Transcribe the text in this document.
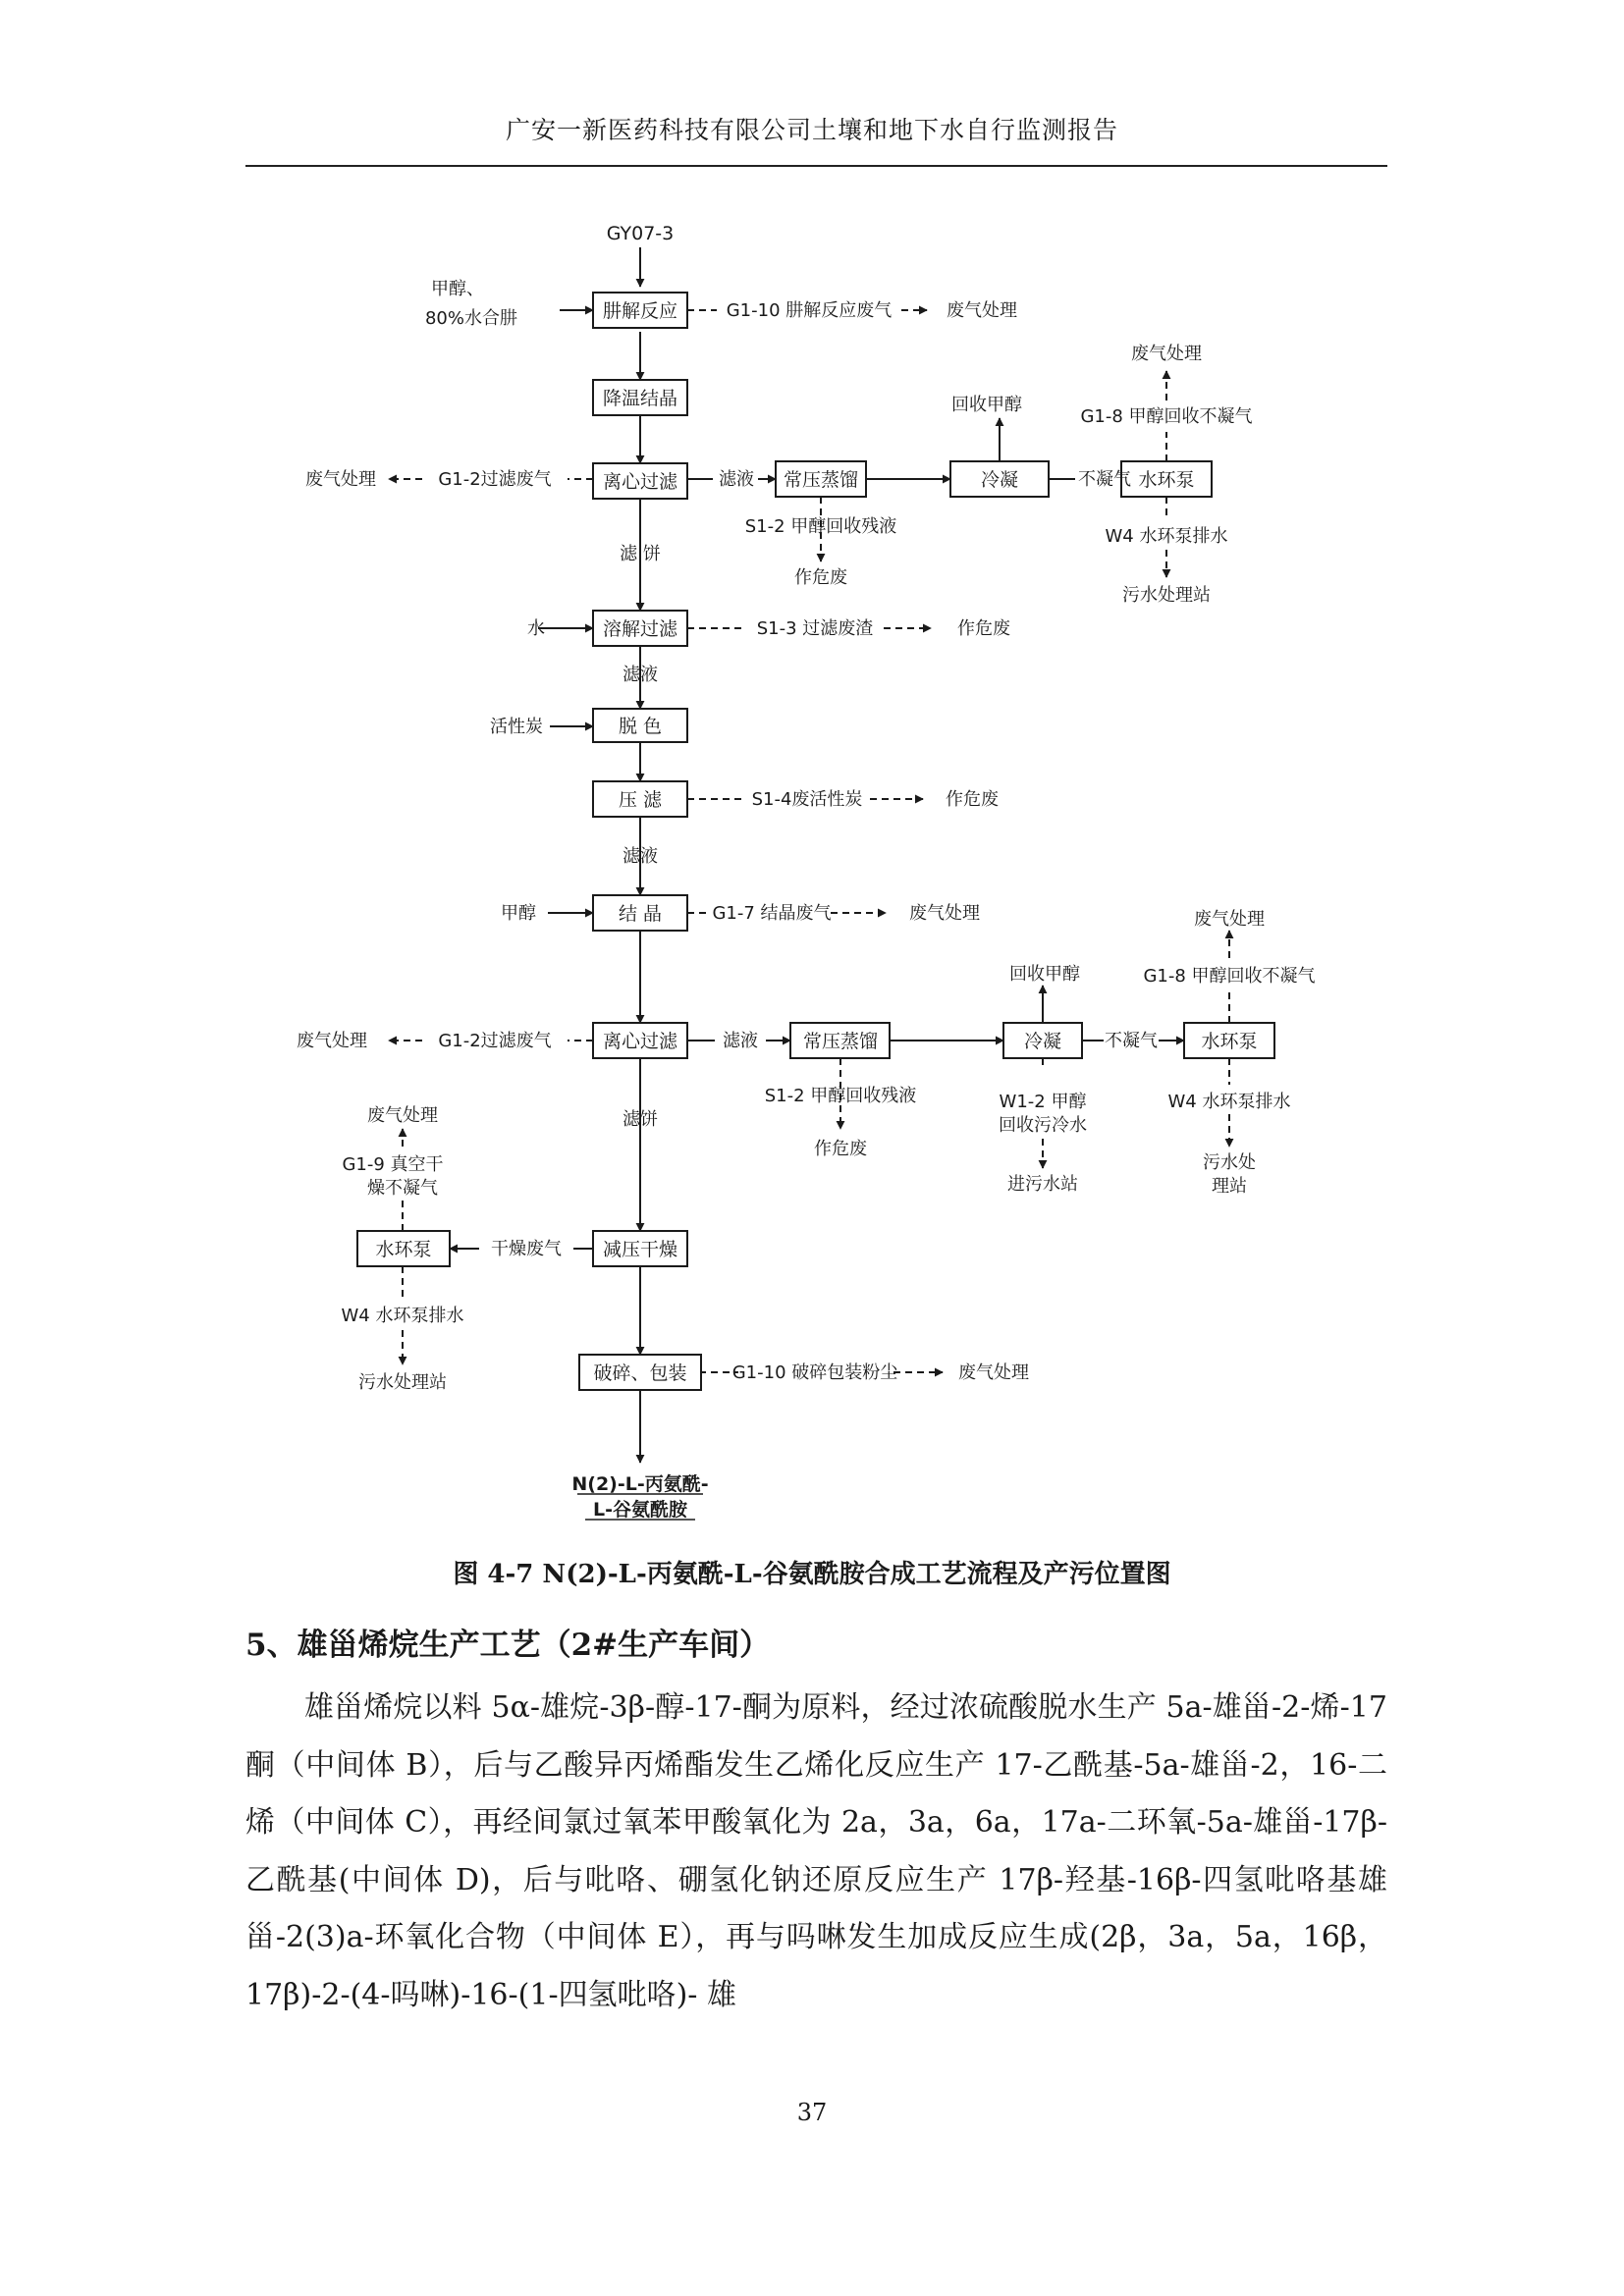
广安一新医药科技有限公司土壤和地下水自行监测报告
GY07-3
肼解反应
降温结晶
离心过滤	常压蒸馏	冷凝	水环泵
溶解过滤
脱 色
压 滤
结 晶
离心过滤	常压蒸馏	冷凝	水环泵
减压干燥
水环泵
破碎、包装
甲醇、
80%水合肼
水
活性炭
甲醇
滤 饼
滤液
滤液
滤饼
滤液
滤液
不凝气
不凝气
干燥废气
G1-10 肼解反应废气	废气处理
废气处理
回收甲醇
G1-8 甲醇回收不凝气
废气处理	G1-2过滤废气
S1-2 甲醇回收残液
作危废
W4 水环泵排水
污水处理站
S1-3 过滤废渣	作危废
S1-4废活性炭	作危废
G1-7 结晶废气	废气处理	废气处理
回收甲醇	G1-8 甲醇回收不凝气
废气处理	G1-2过滤废气
S1-2 甲醇回收残液
作危废
W1-2 甲醇
回收污冷水
进污水站
W4 水环泵排水
污水处
理站
废气处理
G1-9 真空干
燥不凝气
W4 水环泵排水
污水处理站	G1-10 破碎包装粉尘	废气处理
N(2)-L-丙氨酰-
L-谷氨酰胺
图 4-7 N(2)-L-丙氨酰-L-谷氨酰胺合成工艺流程及产污位置图
5、雄甾烯烷生产工艺（2#生产车间）

雄甾烯烷以料 5α-雄烷-3β-醇-17-酮为原料，经过浓硫酸脱水生产 5a-雄甾-2-烯-17 酮（中间体 B），后与乙酸异丙烯酯发生乙烯化反应生产 17-乙酰基-5a-雄甾-2，16-二烯（中间体 C），再经间氯过氧苯甲酸氧化为 2a，3a，6a，17a-二环氧-5a-雄甾-17β-乙酰基(中间体 D)，后与吡咯、硼氢化钠还原反应生产 17β-羟基-16β-四氢吡咯基雄甾-2(3)a-环氧化合物（中间体 E），再与吗啉发生加成反应生成(2β，3a，5a，16β，17β)-2-(4-吗啉)-16-(1-四氢吡咯)- 雄

37
